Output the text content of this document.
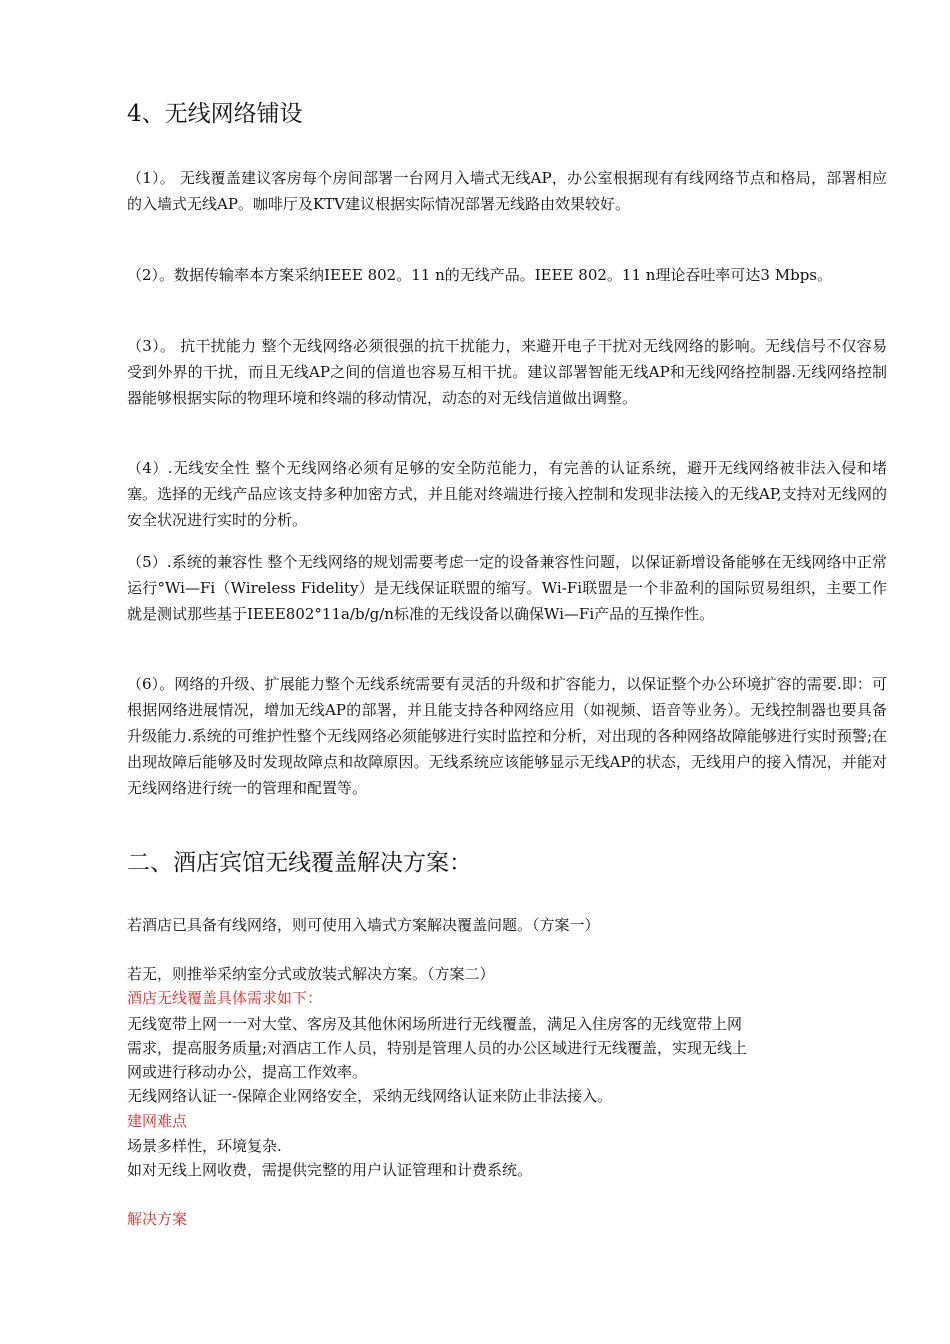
4、无线网络铺设

（1）。 无线覆盖建议客房每个房间部署一台网月入墙式无线AP，办公室根据现有有线网络节点和格局，部署相应的入墙式无线AP。咖啡厅及KTV建议根据实际情况部署无线路由效果较好。

（2）。数据传输率本方案采纳IEEE 802。11 n的无线产品。IEEE 802。11 n理论吞吐率可达3 Mbps。

（3）。 抗干扰能力 整个无线网络必须很强的抗干扰能力，来避开电子干扰对无线网络的影响。无线信号不仅容易受到外界的干扰，而且无线AP之间的信道也容易互相干扰。建议部署智能无线AP和无线网络控制器.无线网络控制器能够根据实际的物理环境和终端的移动情况，动态的对无线信道做出调整。

（4）.无线安全性 整个无线网络必须有足够的安全防范能力，有完善的认证系统，避开无线网络被非法入侵和堵塞。选择的无线产品应该支持多种加密方式，并且能对终端进行接入控制和发现非法接入的无线AP,支持对无线网的安全状况进行实时的分析。

（5）.系统的兼容性 整个无线网络的规划需要考虑一定的设备兼容性问题，以保证新增设备能够在无线网络中正常运行°Wi—Fi（Wireless Fidelity）是无线保证联盟的缩写。Wi-Fi联盟是一个非盈利的国际贸易组织，主要工作就是测试那些基于IEEE802°11a/b/g/n标准的无线设备以确保Wi—Fi产品的互操作性。

（6）。网络的升级、扩展能力整个无线系统需要有灵活的升级和扩容能力，以保证整个办公环境扩容的需要.即：可根据网络进展情况，增加无线AP的部署，并且能支持各种网络应用（如视频、语音等业务）。无线控制器也要具备升级能力.系统的可维护性整个无线网络必须能够进行实时监控和分析，对出现的各种网络故障能够进行实时预警;在出现故障后能够及时发现故障点和故障原因。无线系统应该能够显示无线AP的状态，无线用户的接入情况，并能对无线网络进行统一的管理和配置等。

二、酒店宾馆无线覆盖解决方案：

若酒店已具备有线网络，则可使用入墙式方案解决覆盖问题。（方案一）

若无，则推举采纳室分式或放装式解决方案。（方案二）

酒店无线覆盖具体需求如下：

无线宽带上网一一对大堂、客房及其他休闲场所进行无线覆盖，满足入住房客的无线宽带上网

需求，提高服务质量;对酒店工作人员，特别是管理人员的办公区域进行无线覆盖，实现无线上

网或进行移动办公，提高工作效率。

无线网络认证一-保障企业网络安全，采纳无线网络认证来防止非法接入。

建网难点

场景多样性，环境复杂.

如对无线上网收费，需提供完整的用户认证管理和计费系统。

解决方案
